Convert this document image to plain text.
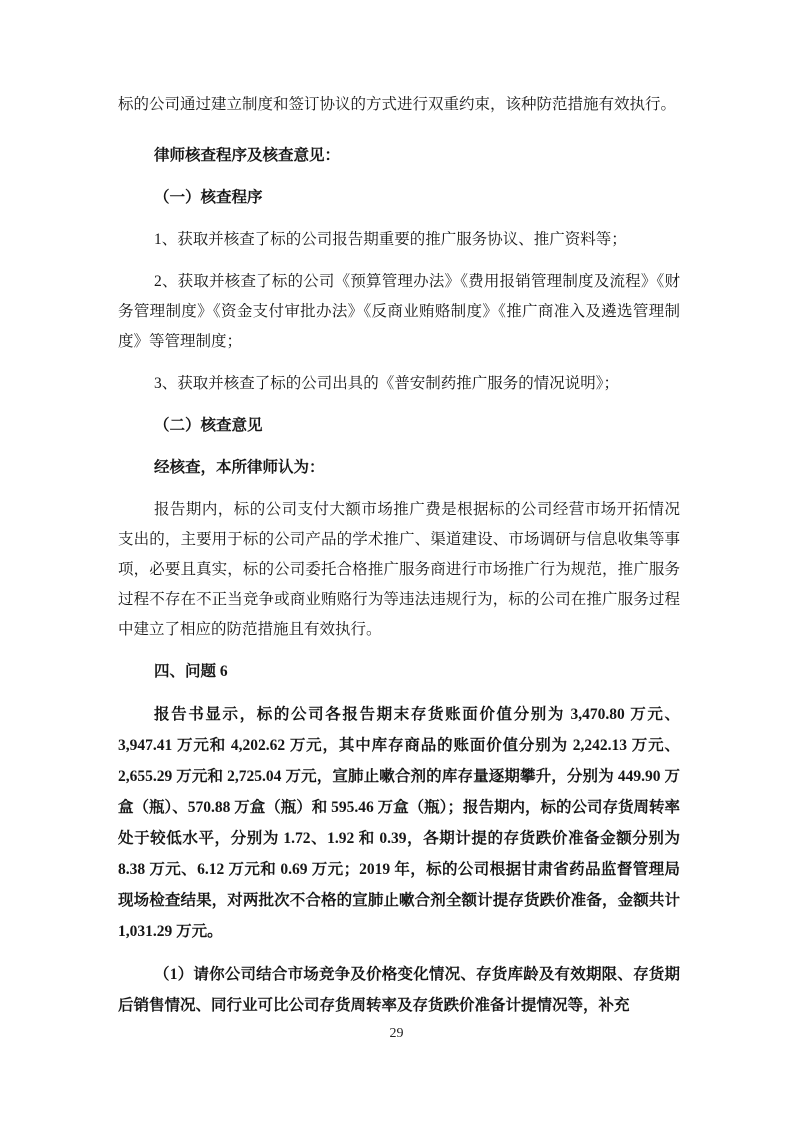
标的公司通过建立制度和签订协议的方式进行双重约束，该种防范措施有效执行。

律师核查程序及核查意见：

（一）核查程序

1、获取并核查了标的公司报告期重要的推广服务协议、推广资料等；

2、获取并核查了标的公司《预算管理办法》《费用报销管理制度及流程》《财务管理制度》《资金支付审批办法》《反商业贿赂制度》《推广商准入及遴选管理制度》等管理制度；

3、获取并核查了标的公司出具的《普安制药推广服务的情况说明》；

（二）核查意见

经核查，本所律师认为：

报告期内，标的公司支付大额市场推广费是根据标的公司经营市场开拓情况支出的，主要用于标的公司产品的学术推广、渠道建设、市场调研与信息收集等事项，必要且真实，标的公司委托合格推广服务商进行市场推广行为规范，推广服务过程不存在不正当竞争或商业贿赂行为等违法违规行为，标的公司在推广服务过程中建立了相应的防范措施且有效执行。

四、问题 6

报告书显示，标的公司各报告期末存货账面价值分别为 3,470.80 万元、3,947.41 万元和 4,202.62 万元，其中库存商品的账面价值分别为 2,242.13 万元、2,655.29 万元和 2,725.04 万元，宣肺止嗽合剂的库存量逐期攀升，分别为 449.90 万盒（瓶）、570.88 万盒（瓶）和 595.46 万盒（瓶）；报告期内，标的公司存货周转率处于较低水平，分别为 1.72、1.92 和 0.39，各期计提的存货跌价准备金额分别为 8.38 万元、6.12 万元和 0.69 万元；2019 年，标的公司根据甘肃省药品监督管理局现场检查结果，对两批次不合格的宣肺止嗽合剂全额计提存货跌价准备，金额共计 1,031.29 万元。

（1）请你公司结合市场竞争及价格变化情况、存货库龄及有效期限、存货期后销售情况、同行业可比公司存货周转率及存货跌价准备计提情况等，补充

29
